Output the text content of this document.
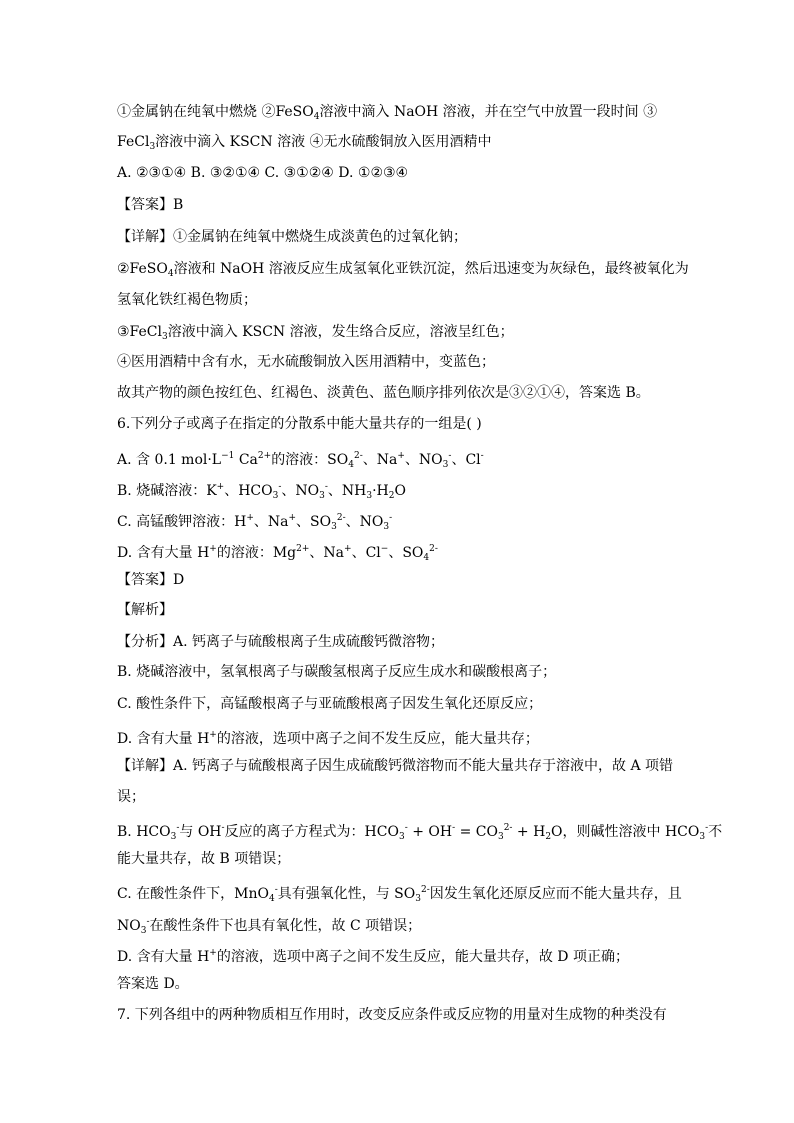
①金属钠在纯氧中燃烧 ②FeSO$_4$溶液中滴入 NaOH 溶液，并在空气中放置一段时间 ③
FeCl$_3$溶液中滴入 KSCN 溶液 ④无水硫酸铜放入医用酒精中
A. ②③①④ B. ③②①④ C. ③①②④ D. ①②③④
【答案】B
【详解】①金属钠在纯氧中燃烧生成淡黄色的过氧化钠；
②FeSO$_4$溶液和 NaOH 溶液反应生成氢氧化亚铁沉淀，然后迅速变为灰绿色，最终被氧化为
氢氧化铁红褐色物质；
③FeCl$_3$溶液中滴入 KSCN 溶液，发生络合反应，溶液呈红色；
④医用酒精中含有水，无水硫酸铜放入医用酒精中，变蓝色；
故其产物的颜色按红色、红褐色、淡黄色、蓝色顺序排列依次是③②①④，答案选 B。
6.下列分子或离子在指定的分散系中能大量共存的一组是( )
A. 含 0.1 $mol\cdot L^{-1}$ $Ca^{2+}$的溶液：$SO_4^{2-}$、Na+、$NO_3^-$、Cl-
B. 烧碱溶液：K+、$HCO_3^-$、$NO_3^-$、$NH_3\cdot H_2O$
C. 高锰酸钾溶液：H+、Na+、$SO_3^{2-}$、$NO_3^-$
D. 含有大量 H+的溶液：$Mg^{2+}$、Na+、Cl−、$SO_4^{2-}$
【答案】D
【解析】
【分析】A. 钙离子与硫酸根离子生成硫酸钙微溶物；
B. 烧碱溶液中，氢氧根离子与碳酸氢根离子反应生成水和碳酸根离子；
C. 酸性条件下，高锰酸根离子与亚硫酸根离子因发生氧化还原反应；
D. 含有大量 H+的溶液，选项中离子之间不发生反应，能大量共存；
【详解】A. 钙离子与硫酸根离子因生成硫酸钙微溶物而不能大量共存于溶液中，故 A 项错
误；
B. $HCO_3^-$与 OH-反应的离子方程式为：$HCO_3^- + OH^- = CO_3^{2-} + H_2O$，则碱性溶液中 $HCO_3^-$不
能大量共存，故 B 项错误；
C. 在酸性条件下，MnO$_4$-具有强氧化性，与 $SO_3^{2-}$因发生氧化还原反应而不能大量共存，且
$NO_3^-$在酸性条件下也具有氧化性，故 C 项错误；
D. 含有大量 H+的溶液，选项中离子之间不发生反应，能大量共存，故 D 项正确；
答案选 D。
7. 下列各组中的两种物质相互作用时，改变反应条件或反应物的用量对生成物的种类没有
